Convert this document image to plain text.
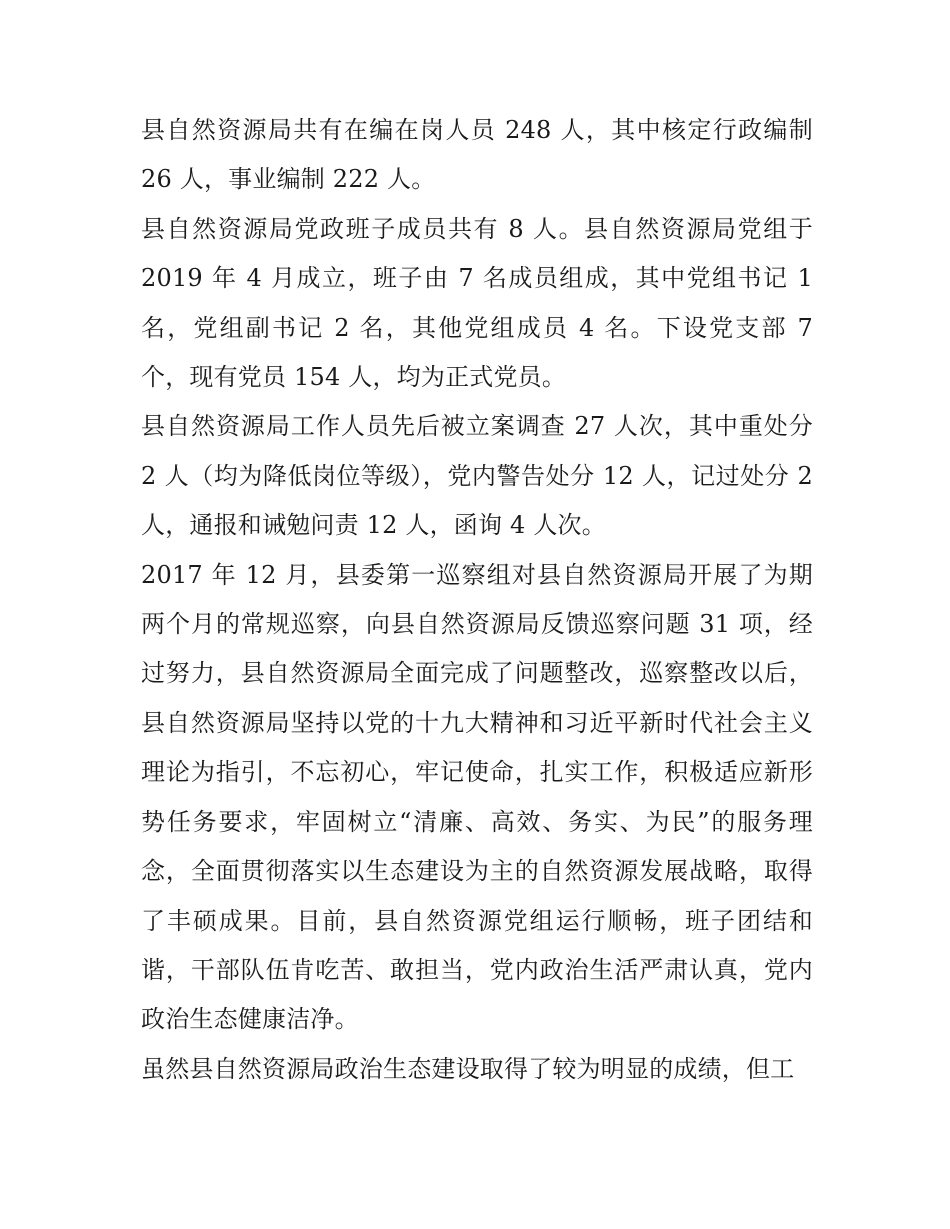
县自然资源局共有在编在岗人员 248 人，其中核定行政编制 26 人，事业编制 222 人。

县自然资源局党政班子成员共有 8 人。县自然资源局党组于 2019 年 4 月成立，班子由 7 名成员组成，其中党组书记 1 名，党组副书记 2 名，其他党组成员 4 名。下设党支部 7 个，现有党员 154 人，均为正式党员。

县自然资源局工作人员先后被立案调查 27 人次，其中重处分 2 人（均为降低岗位等级），党内警告处分 12 人，记过处分 2 人，通报和诫勉问责 12 人，函询 4 人次。

2017 年 12 月，县委第一巡察组对县自然资源局开展了为期两个月的常规巡察，向县自然资源局反馈巡察问题 31 项，经过努力，县自然资源局全面完成了问题整改，巡察整改以后，县自然资源局坚持以党的十九大精神和习近平新时代社会主义理论为指引，不忘初心，牢记使命，扎实工作，积极适应新形势任务要求，牢固树立“清廉、高效、务实、为民”的服务理念，全面贯彻落实以生态建设为主的自然资源发展战略，取得了丰硕成果。目前，县自然资源党组运行顺畅，班子团结和谐，干部队伍肯吃苦、敢担当，党内政治生活严肃认真，党内政治生态健康洁净。

虽然县自然资源局政治生态建设取得了较为明显的成绩，但工
